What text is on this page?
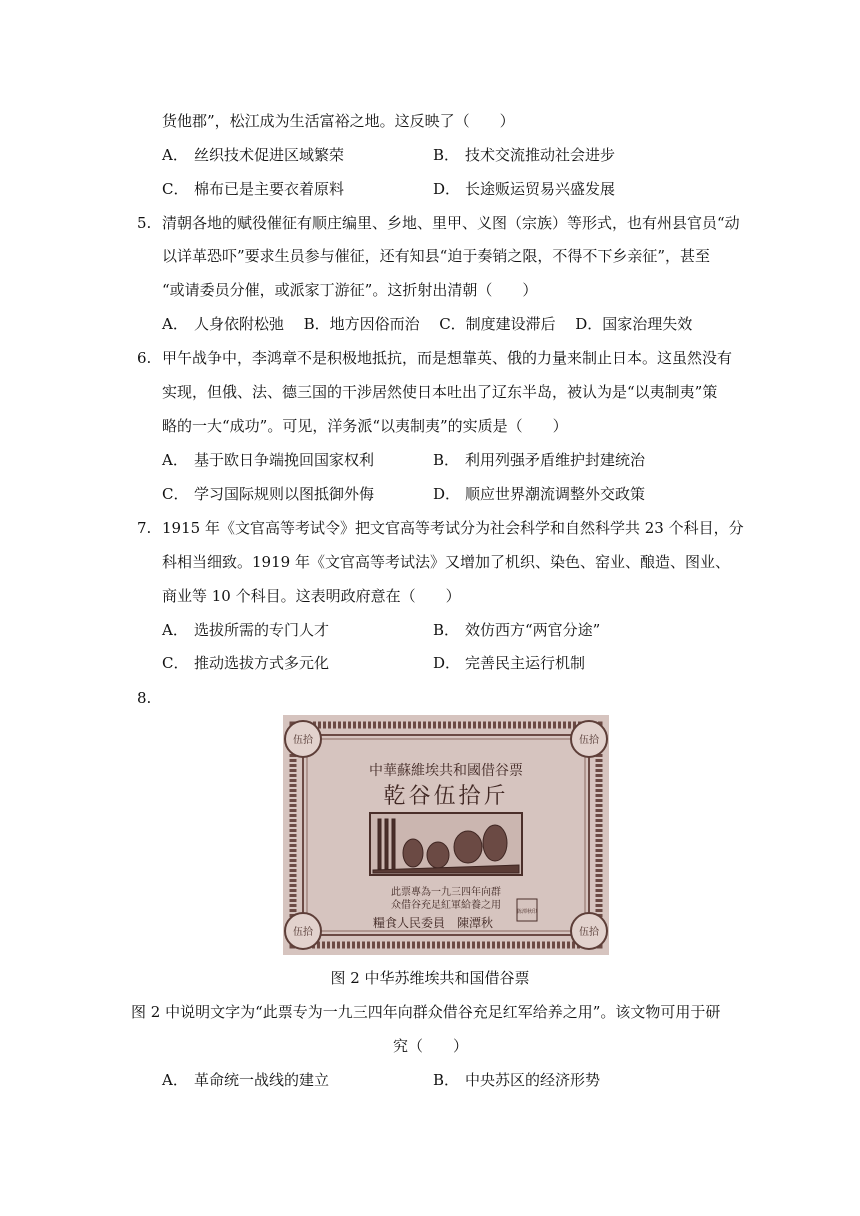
货他郡”，松江成为生活富裕之地。这反映了（　　）
A． 丝织技术促进区域繁荣	B． 技术交流推动社会进步
C． 棉布已是主要衣着原料	D． 长途贩运贸易兴盛发展
5. 清朝各地的赋役催征有顺庄编里、乡地、里甲、义图（宗族）等形式，也有州县官员“动
以详革恐吓”要求生员参与催征，还有知县“迫于奏销之限，不得不下乡亲征”，甚至
“或请委员分催，或派家丁游征”。这折射出清朝（　　）
A． 人身依附松弛 B．地方因俗而治 C．制度建设滞后 D．国家治理失效
6. 甲午战争中，李鸿章不是积极地抵抗，而是想靠英、俄的力量来制止日本。这虽然没有
实现，但俄、法、德三国的干涉居然使日本吐出了辽东半岛，被认为是“以夷制夷”策
略的一大“成功”。可见，洋务派“以夷制夷”的实质是（　　）
A． 基于欧日争端挽回国家权利	B． 利用列强矛盾维护封建统治
C． 学习国际规则以图抵御外侮	D． 顺应世界潮流调整外交政策
7. 1915 年《文官高等考试令》把文官高等考试分为社会科学和自然科学共 23 个科目，分
科相当细致。1919 年《文官高等考试法》又增加了机织、染色、窑业、酿造、图业、
商业等 10 个科目。这表明政府意在（　　）
A． 选拔所需的专门人才	B． 效仿西方“两官分途”
C． 推动选拔方式多元化	D． 完善民主运行机制
8.
伍拾	伍拾
伍拾	伍拾
中華蘇維埃共和國借谷票
乾谷伍拾斤
此票專為一九三四年向群
众借谷充足紅軍給養之用
糧食人民委員　陳潭秋
陈潭秋印
图 2 中华苏维埃共和国借谷票
图 2 中说明文字为“此票专为一九三四年向群众借谷充足红军给养之用”。该文物可用于研
究（　　）
A． 革命统一战线的建立	B． 中央苏区的经济形势
